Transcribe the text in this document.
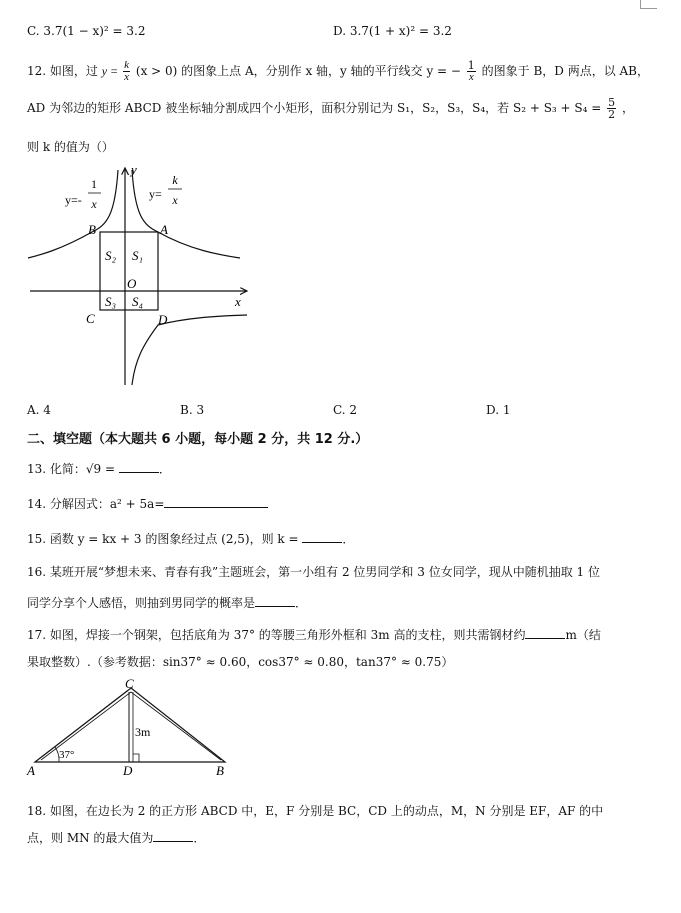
C. 3.7(1 − x)² = 3.2	D. 3.7(1 + x)² = 3.2
12. 如图，过 $y = \frac{k}{x} (x > 0)$ 的图象上点 A，分别作 x 轴，y 轴的平行线交 y = − $\frac{1}{x}$ 的图象于 B，D 两点，以 AB，
AD 为邻边的矩形 ABCD 被坐标轴分割成四个小矩形，面积分别记为 S₁，S₂，S₃，S₄，若 $S_2 + S_3 + S_4 = \frac{5}{2}$ ，
则 k 的值为（）
y=-
1
x
y=
k
x
y
x
O
A
B
C	D
S₁
S₂
S₃ S₄
A. 4	B. 3	C. 2	D. 1
二、填空题（本大题共 6 小题，每小题 2 分，共 12 分.）
13. 化简：√9 =	．
14. 分解因式：a² + 5a=
15. 函数 y = kx + 3 的图象经过点 (2,5)，则 k =	．
16. 某班开展“梦想未来、青春有我”主题班会，第一小组有 2 位男同学和 3 位女同学，现从中随机抽取 1 位
同学分享个人感悟，则抽到男同学的概率是	．
17. 如图，焊接一个钢架，包括底角为 37° 的等腰三角形外框和 3m 高的支柱，则共需钢材约	m（结
果取整数）.（参考数据：sin37° ≈ 0.60，cos37° ≈ 0.80，tan37° ≈ 0.75）
37°
3m
A	D	B
C
18. 如图，在边长为 2 的正方形 ABCD 中，E，F 分别是 BC，CD 上的动点，M，N 分别是 EF，AF 的中
点，则 MN 的最大值为	．
